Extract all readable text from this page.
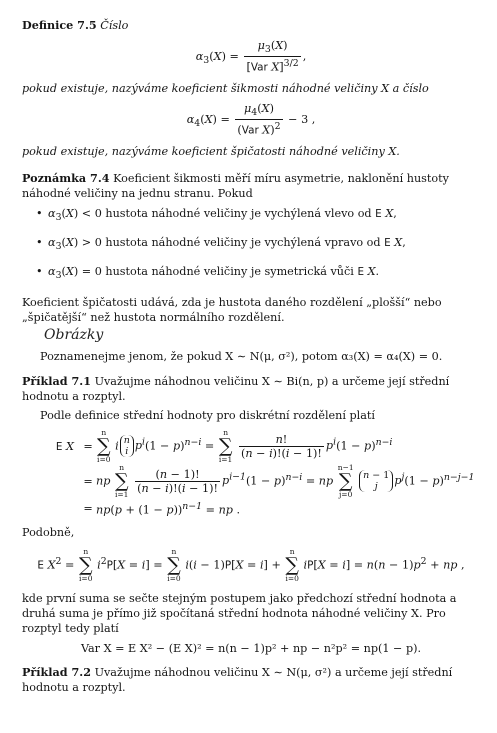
Definice 7.5 Číslo

$\alpha_3(X) = \frac{\mu_3(X)}{[Var X]^{3/2}}$ ,

pokud existuje, nazýváme koeficient šikmosti náhodné veličiny X a číslo

$\alpha_4(X) = \frac{\mu_4(X)}{(Var X)^2} - 3$ ,

pokud existuje, nazýváme koeficient špičatosti náhodné veličiny X.

Poznámka 7.4 Koeficient šikmosti měří míru asymetrie, naklonění hustoty náhodné veličiny na jednu stranu. Pokud

• $\alpha_3(X) < 0$ hustota náhodné veličiny je vychýlená vlevo od E X,
• $\alpha_3(X) > 0$ hustota náhodné veličiny je vychýlená vpravo od E X,
• $\alpha_3(X) = 0$ hustota náhodné veličiny je symetrická vůči E X.

Koeficient špičatosti udává, zda je hustota daného rozdělení „plošší“ nebo „špičatější“ než hustota normálního rozdělení.

Obrázky

Poznamenejme jenom, že pokud X ∼ N(μ, σ²), potom α₃(X) = α₄(X) = 0.

Příklad 7.1 Uvažujme náhodnou veličinu X ∼ Bi(n, p) a určeme její střední hodnotu a rozptyl.

Podle definice střední hodnoty pro diskrétní rozdělení platí

E X =
n
∑
i=0
i n
i $p^i(1 - p)^{n-i}$ =
n
∑
i=1
$\frac{n!}{(n - i)!(i - 1)!} p^i(1 - p)^{n-i}$
= np
n
∑
i=1
$\frac{(n - 1)!}{(n - i)!(i - 1)!} p^{i-1}(1 - p)^{n-i}$ = np
n−1
∑
j=0
n − 1
j $p^j(1 - p)^{n-j-1}$
= $np(p + (1 - p))^{n-1}$ = np .

Podobně,

E $X^2$ =
n
∑
i=0
$i^2P[X = i]$ =
n
∑
i=0
i(i − 1)P[X = i] +
n
∑
i=0
$iP[X = i] = n(n - 1)p^2$ + np ,

kde první suma se sečte stejným postupem jako předchozí střední hodnota a druhá suma je přímo již spočítaná střední hodnota náhodné veličiny X. Pro rozptyl tedy platí

Var X = E X² − (E X)² = n(n − 1)p² + np − n²p² = np(1 − p).

Příklad 7.2 Uvažujme náhodnou veličinu X ∼ N(μ, σ²) a určeme její střední hodnotu a rozptyl.
